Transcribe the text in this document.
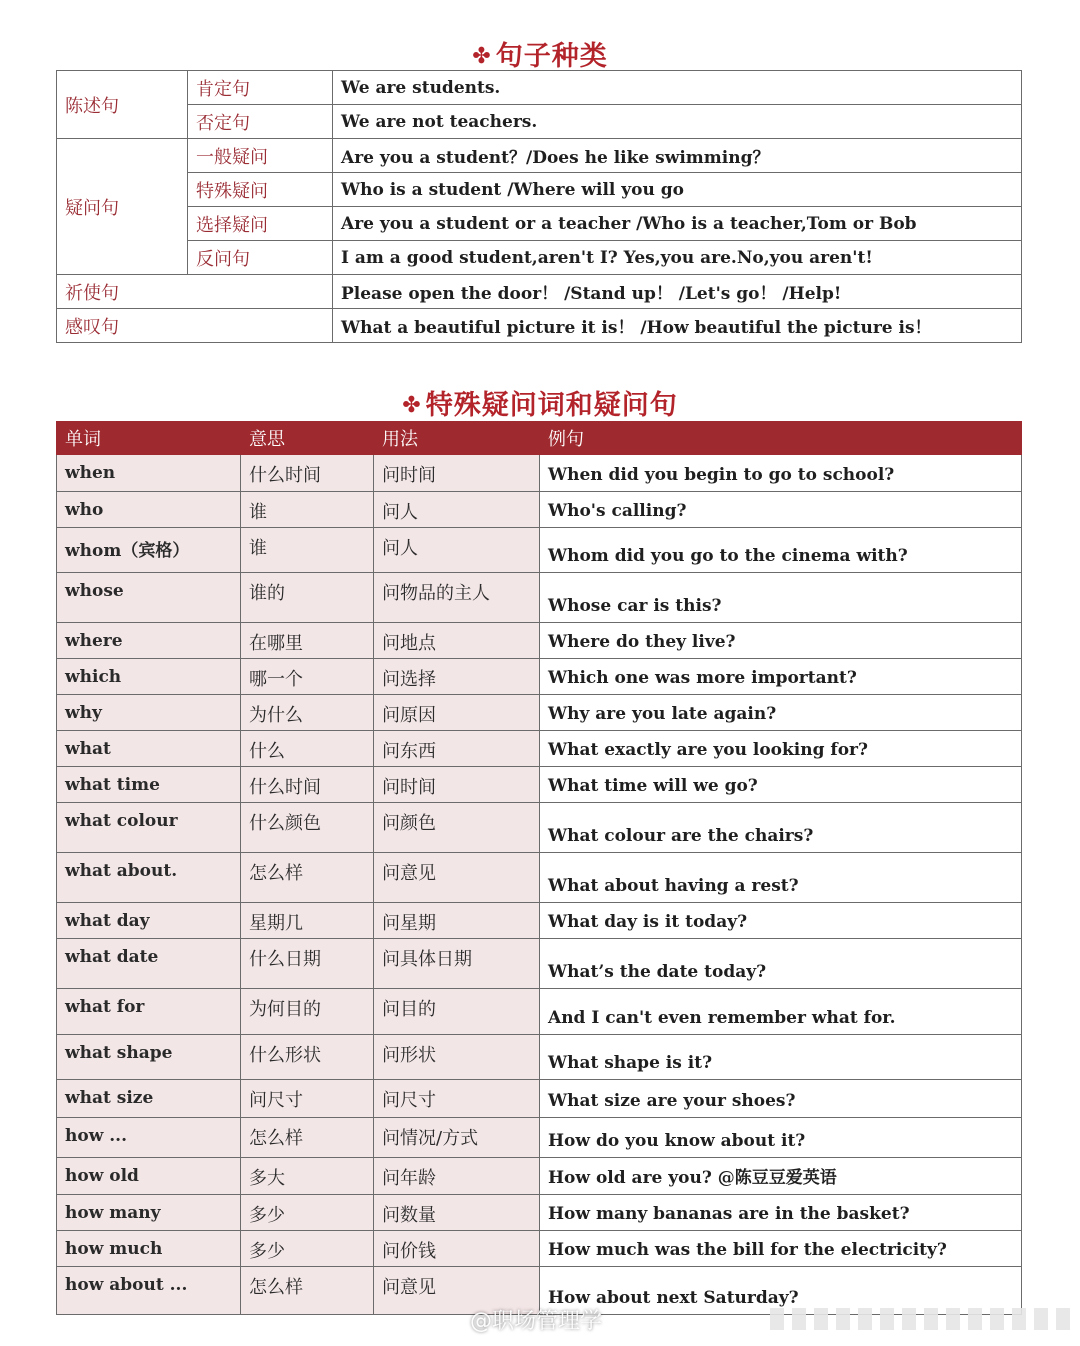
✤ 句子种类
陈述句	肯定句	We are students.
	否定句	We are not teachers.
疑问句	一般疑问	Are you a student？/Does he like swimming？
	特殊疑问	Who is a student /Where will you go
	选择疑问	Are you a student or a teacher /Who is a teacher,Tom or Bob
	反问句	I am a good student,aren't I? Yes,you are.No,you aren't!
祈使句		Please open the door！ /Stand up！ /Let's go！ /Help!
感叹句		What a beautiful picture it is！ /How beautiful the picture is！
✤ 特殊疑问词和疑问句
单词	意思	用法	例句
when	什么时间	问时间	When did you begin to go to school?
who	谁	问人	Who's calling?
whom（宾格）	谁	问人	Whom did you go to the cinema with?
whose	谁的	问物品的主人	Whose car is this?
where	在哪里	问地点	Where do they live?
which	哪一个	问选择	Which one was more important?
why	为什么	问原因	Why are you late again?
what	什么	问东西	What exactly are you looking for?
what time	什么时间	问时间	What time will we go?
what colour	什么颜色	问颜色	What colour are the chairs?
what about.	怎么样	问意见	What about having a rest?
what day	星期几	问星期	What day is it today?
what date	什么日期	问具体日期	What’s the date today?
what for	为何目的	问目的	And I can't even remember what for.
what shape	什么形状	问形状	What shape is it?
what size	问尺寸	问尺寸	What size are your shoes?
how ...	怎么样	问情况/方式	How do you know about it?
how old	多大	问年龄	How old are you? @陈豆豆爱英语
how many	多少	问数量	How many bananas are in the basket?
how much	多少	问价钱	How much was the bill for the electricity?
how about ...	怎么样	问意见	How about next Saturday?
@职场管理学
